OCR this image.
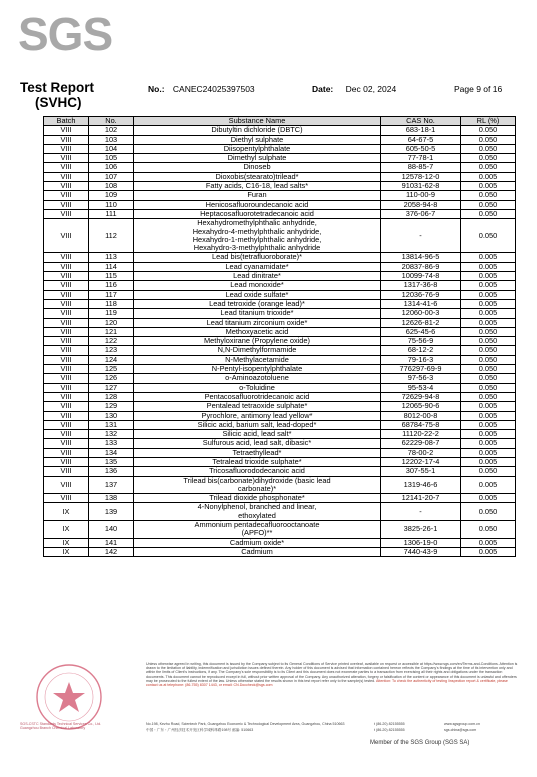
SGS
Test Report
(SVHC)
No.: CANEC24025397503	Date: Dec 02, 2024	Page 9 of 16
Batch	No.	Substance Name	CAS No.	RL (%)
VIII	102	Dibutyltin dichloride (DBTC)	683-18-1	0.050
VIII	103	Diethyl sulphate	64-67-5	0.050
VIII	104	Diisopentylphthalate	605-50-5	0.050
VIII	105	Dimethyl sulphate	77-78-1	0.050
VIII	106	Dinoseb	88-85-7	0.050
VIII	107	Dioxobis(stearato)trilead*	12578-12-0	0.005
VIII	108	Fatty acids, C16-18, lead salts*	91031-62-8	0.005
VIII	109	Furan	110-00-9	0.050
VIII	110	Henicosafluoroundecanoic acid	2058-94-8	0.050
VIII	111	Heptacosafluorotetradecanoic acid	376-06-7	0.050
VIII	112	Hexahydromethylphthalic anhydride,
Hexahydro-4-methylphthalic anhydride,
Hexahydro-1-methylphthalic anhydride,
Hexahydro-3-methylphthalic anhydride	-	0.050
VIII	113	Lead bis(tetrafluoroborate)*	13814-96-5	0.005
VIII	114	Lead cyanamidate*	20837-86-9	0.005
VIII	115	Lead dinitrate*	10099-74-8	0.005
VIII	116	Lead monoxide*	1317-36-8	0.005
VIII	117	Lead oxide sulfate*	12036-76-9	0.005
VIII	118	Lead tetroxide (orange lead)*	1314-41-6	0.005
VIII	119	Lead titanium trioxide*	12060-00-3	0.005
VIII	120	Lead titanium zirconium oxide*	12626-81-2	0.005
VIII	121	Methoxyacetic acid	625-45-6	0.050
VIII	122	Methyloxirane (Propylene oxide)	75-56-9	0.050
VIII	123	N,N-Dimethylformamide	68-12-2	0.050
VIII	124	N-Methylacetamide	79-16-3	0.050
VIII	125	N-Pentyl-isopentylphthalate	776297-69-9	0.050
VIII	126	o-Aminoazotoluene	97-56-3	0.050
VIII	127	o-Toluidine	95-53-4	0.050
VIII	128	Pentacosafluorotridecanoic acid	72629-94-8	0.050
VIII	129	Pentalead tetraoxide sulphate*	12065-90-6	0.005
VIII	130	Pyrochlore, antimony lead yellow*	8012-00-8	0.005
VIII	131	Silicic acid, barium salt, lead-doped*	68784-75-8	0.005
VIII	132	Silicic acid, lead salt*	11120-22-2	0.005
VIII	133	Sulfurous acid, lead salt, dibasic*	62229-08-7	0.005
VIII	134	Tetraethyllead*	78-00-2	0.005
VIII	135	Tetralead trioxide sulphate*	12202-17-4	0.005
VIII	136	Tricosafluorododecanoic acid	307-55-1	0.050
VIII	137	Trilead bis(carbonate)dihydroxide (basic lead
carbonate)*	1319-46-6	0.005
VIII	138	Trilead dioxide phosphonate*	12141-20-7	0.005
IX	139	4-Nonylphenol, branched and linear,
ethoxylated	-	0.050
IX	140	Ammonium pentadecafluorooctanoate
(APFO)**	3825-26-1	0.050
IX	141	Cadmium oxide*	1306-19-0	0.005
IX	142	Cadmium	7440-43-9	0.005
SGS-CSTC Standards Technical Services Co., Ltd.
Guangzhou Branch Chemical Laboratory
Unless otherwise agreed in writing, this document is issued by the Company subject to its General Conditions of Service printed overleaf, available on request or accessible at https://www.sgs.com/en/Terms-and-Conditions. Attention is drawn to the limitation of liability, indemnification and jurisdiction issues defined therein. Any holder of this document is advised that information contained hereon reflects the Company's findings at the time of its intervention only and within the limits of Client's instructions, if any. The Company's sole responsibility is to its Client and this document does not exonerate parties to a transaction from exercising all their rights and obligations under the transaction documents. This document cannot be reproduced except in full, without prior written approval of the Company. Any unauthorized alteration, forgery or falsification of the content or appearance of this document is unlawful and offenders may be prosecuted to the fullest extent of the law. Unless otherwise stated the results shown in this test report refer only to the sample(s) tested. Attention: To check the authenticity of testing /inspection report & certificate, please contact us at telephone: (86-755) 8307 1443, or email: CN.Doccheck@sgs.com
No.198, Kezhu Road, Scientech Park, Guangzhou Economic & Technological Development Area, Guangzhou, China 510663	t (86-20) 82155555	www.sgsgroup.com.cn
中国・广东・广州经济技术开发区科学城科珠路198号 邮编: 510663	t (86-20) 82155555	sgs.china@sgs.com
Member of the SGS Group (SGS SA)
